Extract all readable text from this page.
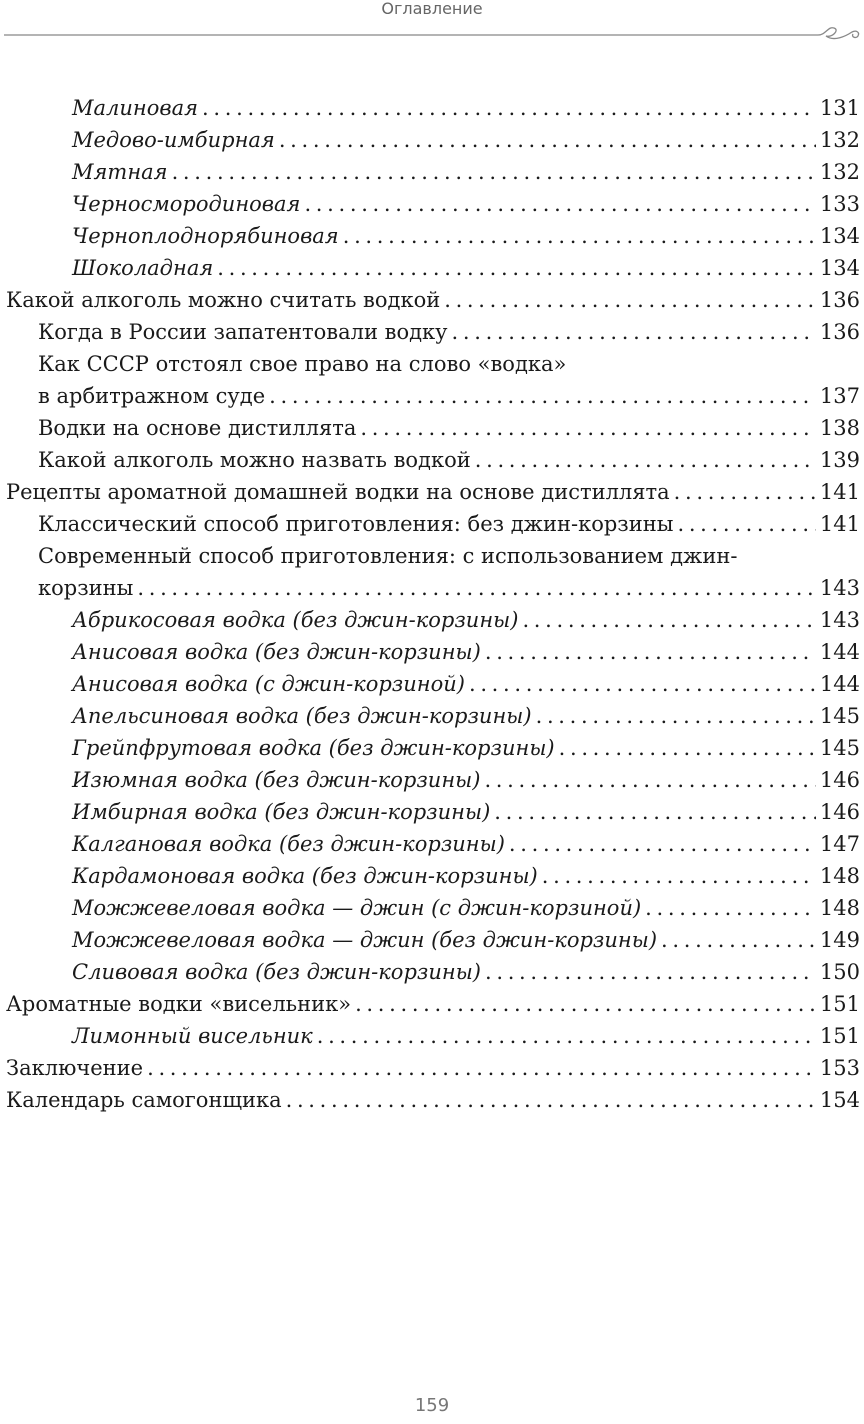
Оглавление
Малиновая . . .	131
Медово-имбирная . . .	132
Мятная . . .	132
Черносмородиновая . . .	133
Черноплоднорябиновая . . .	134
Шоколадная . . .	134
Какой алкоголь можно считать водкой . . .	136
Когда в России запатентовали водку . . .	136
Как СССР отстоял свое право на слово «водка»
в арбитражном суде . . .	137
Водки на основе дистиллята . . .	138
Какой алкоголь можно назвать водкой . . .	139
Рецепты ароматной домашней водки на основе дистиллята . . .	141
Классический способ приготовления: без джин-корзины . . .	141
Современный способ приготовления: с использованием джин-
корзины . . .	143
Абрикосовая водка (без джин-корзины) . . .	143
Анисовая водка (без джин-корзины) . . .	144
Анисовая водка (с джин-корзиной) . . .	144
Апельсиновая водка (без джин-корзины) . . .	145
Грейпфрутовая водка (без джин-корзины) . . .	145
Изюмная водка (без джин-корзины) . . .	146
Имбирная водка (без джин-корзины) . . .	146
Калгановая водка (без джин-корзины) . . .	147
Кардамоновая водка (без джин-корзины) . . .	148
Можжевеловая водка — джин (с джин-корзиной) . . .	148
Можжевеловая водка — джин (без джин-корзины) . . .	149
Сливовая водка (без джин-корзины) . . .	150
Ароматные водки «висельник» . . .	151
Лимонный висельник . . .	151
Заключение . . .	153
Календарь самогонщика . . .	154
159
